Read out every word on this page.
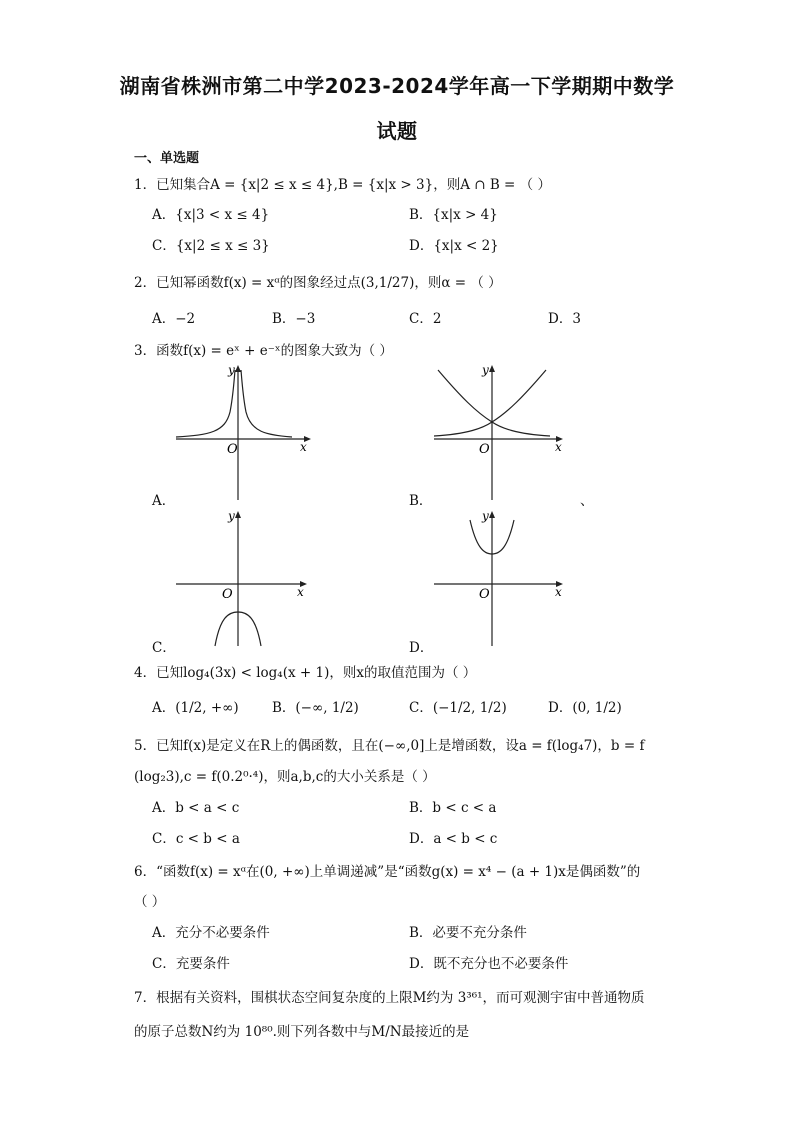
湖南省株洲市第二中学2023-2024学年高一下学期期中数学
试题
一、单选题
1．已知集合A = {x|2 ≤ x ≤ 4},B = {x|x > 3}，则A ∩ B = （ ）
A．{x|3 < x ≤ 4}	B．{x|x > 4}
C．{x|2 ≤ x ≤ 3}	D．{x|x < 2}
2．已知幂函数f(x) = xᵅ的图象经过点(3,1/27)，则α = （ ）
A．−2	B．−3	C．2	D．3
3．函数f(x) = eˣ + e⁻ˣ的图象大致为（ ）
O	x
y
A．
O	x
y
B．	、
O	x
y
C．
O	x
y
D．
4．已知log₄(3x) < log₄(x + 1)，则x的取值范围为（ ）
A．(1/2, +∞) B．(−∞, 1/2)	C．(−1/2, 1/2)	D．(0, 1/2)
5．已知f(x)是定义在R上的偶函数，且在(−∞,0]上是增函数，设a = f(log₄7)，b = f
(log₂3),c = f(0.2⁰·⁴)，则a,b,c的大小关系是（ ）
A．b < a < c	B．b < c < a
C．c < b < a	D．a < b < c
6．“函数f(x) = xᵅ在(0, +∞)上单调递减”是“函数g(x) = x⁴ − (a + 1)x是偶函数”的
（ ）
A．充分不必要条件	B．必要不充分条件
C．充要条件	D．既不充分也不必要条件
7．根据有关资料，围棋状态空间复杂度的上限M约为 3³⁶¹，而可观测宇宙中普通物质
的原子总数N约为 10⁸⁰.则下列各数中与M/N最接近的是
